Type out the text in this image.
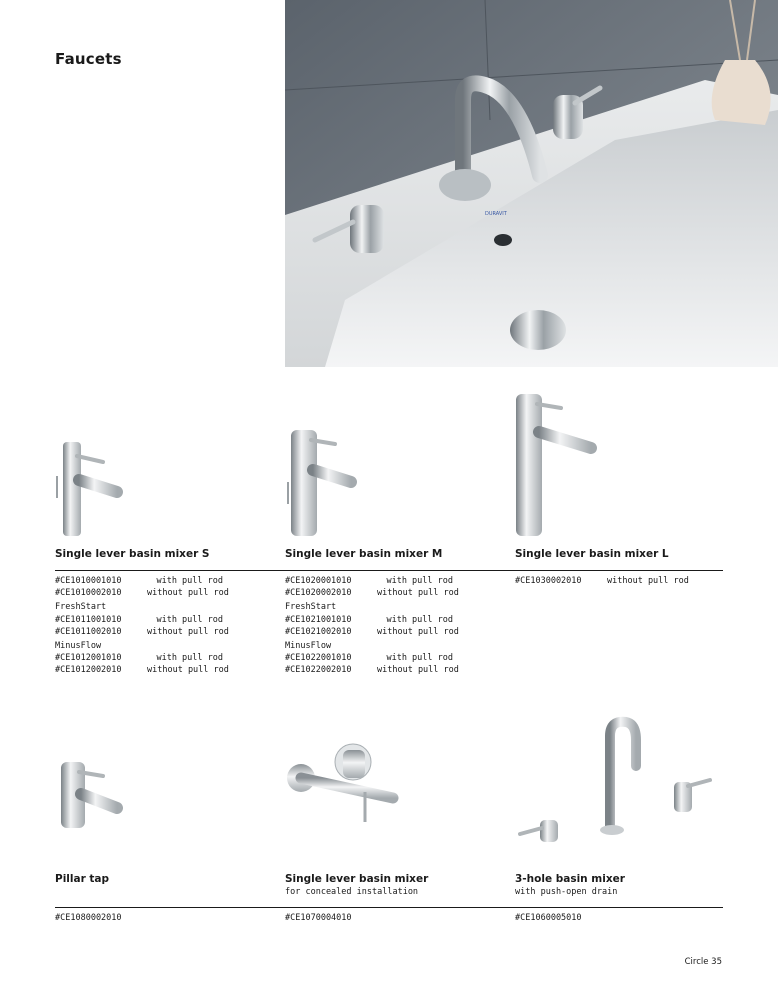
Faucets
DURAVIT
Single lever basin mixer S	Single lever basin mixer M	Single lever basin mixer L
#CE1010001010	with pull rod
#CE1010002010	without pull rod
FreshStart
#CE1011001010	with pull rod
#CE1011002010	without pull rod
MinusFlow
#CE1012001010	with pull rod
#CE1012002010	without pull rod
#CE1020001010	with pull rod
#CE1020002010	without pull rod
FreshStart
#CE1021001010	with pull rod
#CE1021002010	without pull rod
MinusFlow
#CE1022001010	with pull rod
#CE1022002010	without pull rod
#CE1030002010	without pull rod
Pillar tap	Single lever basin mixer
for concealed installation
3-hole basin mixer
with push-open drain
#CE1080002010	#CE1070004010	#CE1060005010
Circle 35
